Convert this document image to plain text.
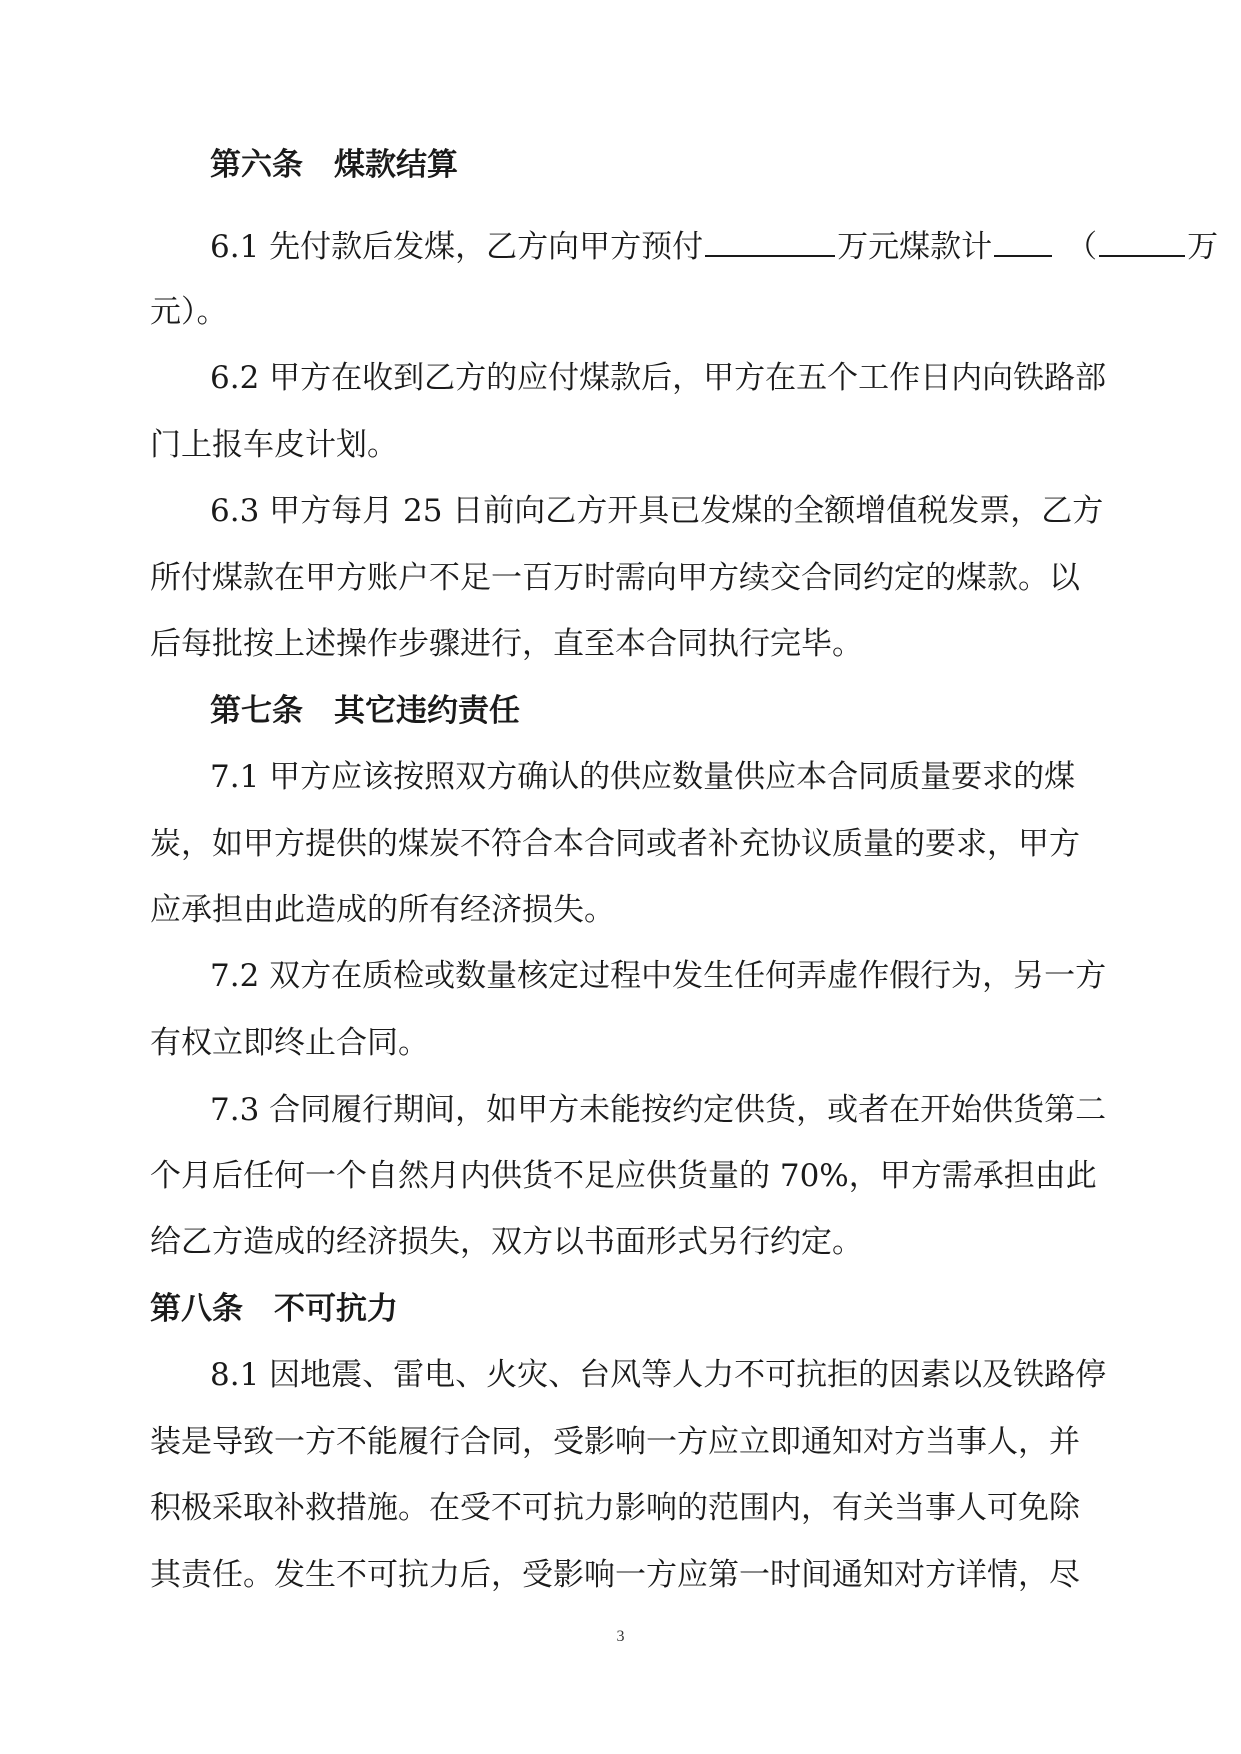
第六条　煤款结算
6.1 先付款后发煤，乙方向甲方预付	万元煤款计 （	万
元）。
6.2 甲方在收到乙方的应付煤款后，甲方在五个工作日内向铁路部
门上报车皮计划。
6.3 甲方每月 25 日前向乙方开具已发煤的全额增值税发票，乙方
所付煤款在甲方账户不足一百万时需向甲方续交合同约定的煤款。以
后每批按上述操作步骤进行，直至本合同执行完毕。
第七条　其它违约责任
7.1 甲方应该按照双方确认的供应数量供应本合同质量要求的煤
炭，如甲方提供的煤炭不符合本合同或者补充协议质量的要求，甲方
应承担由此造成的所有经济损失。
7.2 双方在质检或数量核定过程中发生任何弄虚作假行为，另一方
有权立即终止合同。
7.3 合同履行期间，如甲方未能按约定供货，或者在开始供货第二
个月后任何一个自然月内供货不足应供货量的 70%，甲方需承担由此
给乙方造成的经济损失，双方以书面形式另行约定。
第八条　不可抗力
8.1 因地震、雷电、火灾、台风等人力不可抗拒的因素以及铁路停
装是导致一方不能履行合同，受影响一方应立即通知对方当事人，并
积极采取补救措施。在受不可抗力影响的范围内，有关当事人可免除
其责任。发生不可抗力后，受影响一方应第一时间通知对方详情，尽
3
